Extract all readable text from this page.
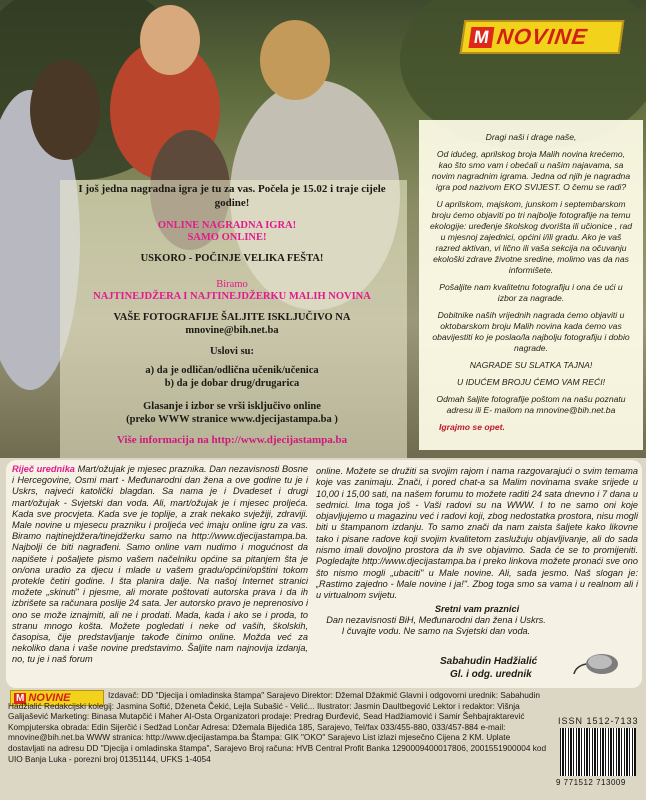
M NOVINE

Dragi naši i drage naše,

Od idućeg, aprilskog broja Malih novina krećemo, kao što smo vam i obećali u našim najavama, sa novim nagradnim igrama. Jedna od njih je nagradna igra pod nazivom EKO SVIJEST. O čemu se radi?

U aprilskom, majskom, junskom i septembarskom broju ćemo objaviti po tri najbolje fotografije na temu ekologije: uređenje školskog dvorišta ili učionice , rad u mjesnoj zajednici, općini i/ili gradu. Ako je vaš razred aktivan, vi lično ili vaša sekcija na očuvanju ekološki zdrave životne sredine, molimo vas da nas informišete.

Pošaljite nam kvalitetnu fotografiju i ona će ući u izbor za nagrade.

Dobitnike naših vrijednih nagrada ćemo objaviti u oktobarskom broju Malih novina kada ćemo vas obavijestiti ko je poslao/la najbolju fotografiju i dobio nagrade.

NAGRADE SU SLATKA TAJNA!

U IDUĆEM BROJU ĆEMO VAM REĆI!

Odmah šaljite fotografije poštom na našu poznatu adresu ili E- mailom na mnovine@bih.net.ba

Igrajmo se opet.

I još jedna nagradna igra je tu za vas. Počela je 15.02 i traje cijele godine!
ONLINE NAGRADNA IGRA! SAMO ONLINE!
USKORO - POČINJE VELIKA FEŠTA!
Biramo
NAJTINEJDŽERA I NAJTINEJDŽERKU MALIH NOVINA
VAŠE FOTOGRAFIJE ŠALJITE ISKLJUČIVO NA
mnovine@bih.net.ba
Uslovi su:
a) da je odličan/odlična učenik/učenica
b) da je dobar drug/drugarica
Glasanje i izbor se vrši isključivo online
(preko WWW stranice www.djecijastampa.ba )
Više informacija na http://www.djecijastampa.ba
Riječ urednika Mart/ožujak je mjesec praznika. Dan nezavisnosti Bosne i Hercegovine, Osmi mart - Međunarodni dan žena a ove godine tu je i Uskrs, najveći katolički blagdan. Sa nama je i Dvadeset i drugi mart/ožujak - Svjetski dan voda. Ali, mart/ožujak je i mjesec proljeća. Kada sve procvjeta. Kada sve je toplije, a zrak nekako svježiji, zdraviji. Male novine u mjesecu prazniku i proljeća već imaju online igru za vas. Biramo najtinejdžera/tinejdžerku samo na http://www.djecijastampa.ba. Najbolji će biti nagrađeni. Samo online vam nudimo i mogućnost da napišete i pošaljete pismo vašem načelniku općine sa pitanjem šta je on/ona uradio za djecu i mlade u vašem gradu/općini/opštini tokom protekle četiri godine. I šta planira dalje. Na našoj Internet stranici možete „skinuti" i pjesme, ali morate poštovati autorska prava i da ih izbrišete sa računara poslije 24 sata. Jer autorsko pravo je neprenosivo i ono se može iznajmiti, ali ne i prodati. Mada, kada i ako se i proda, to stranu mnogo košta. Možete pogledati i neke od vaših, školskih, časopisa, čije predstavljanje takođe činimo online. Možda već za nekoliko dana i vaše novine predstavimo. Šaljite nam najnovija izdanja, no, tu je i naš forum
online. Možete se družiti sa svojim rajom i nama razgovarajući o svim temama koje vas zanimaju. Znači, i pored chat-a sa Malim novinama svake srijede u 10,00 i 15,00 sati, na našem forumu to možete raditi 24 sata dnevno i 7 dana u sedmici. Ima toga još - Vaši radovi su na WWW. I to ne samo oni koje objavljujemo u magazinu već i radovi koji, zbog nedostatka prostora, nisu mogli biti u štampanom izdanju. To samo znači da nam zaista šaljete kako likovne tako i pisane radove koji svojim kvalitetom zaslužuju objavljivanje, ali do sada nismo imali dovoljno prostora da ih sve objavimo. Sada će se to promijeniti. Pogledajte http://www.djecijastampa.ba i preko linkova možete pronaći sve ono što nismo mogli „ubaciti" u Male novine. Ali, sada jesmo. Naš slogan je: „Rastimo zajedno - Male novine i ja!". Zbog toga smo sa vama i u realnom ali i u virtualnom svijetu.
Sretni vam praznici
Dan nezavisnosti BiH, Međunarodni dan žena i Uskrs. I čuvajte vodu. Ne samo na Svjetski dan voda.
Sabahudin Hadžialić
Gl. i odg. urednik
M NOVINE	Izdavač: DD "Djecija i omladinska štampa" Sarajevo Direktor: Džemal Džakmić Glavni i odgovorni urednik: Sabahudin Hadžialić Redakcijski kolegij: Jasmina Softić, Dženeta Čekić, Lejla Subašić - Velić... Ilustrator: Jasmin Daultbegović Lektor i redaktor: Višnja Galijašević Marketing: Binasa Mutapčić i Maher Al-Osta Organizatori prodaje: Predrag Đurđević, Sead Hadžiamović i Samir Šehbajraktarević Kompjuterska obrada: Edin Sijerčić i Sedžad Lončar Adresa: Džemala Bijedića 185, Sarajevo, Tel/fax 033/455-880, 033/457-884 e-mail: mnovine@bih.net.ba WWW stranica: http://www.djecijastampa.ba Štampa: GIK "OKO" Sarajevo List izlazi mjesečno Cijena 2 KM. Uplate dostavljati na adresu DD "Djecija i omladinska štampa", Sarajevo Broj računa: HVB Central Profit Banka 1290009400017806, 2001551900004 kod UIO Banja Luka - porezni broj 01351144, UFKS 1-4054
ISSN 1512-7133
9 771512 713009
